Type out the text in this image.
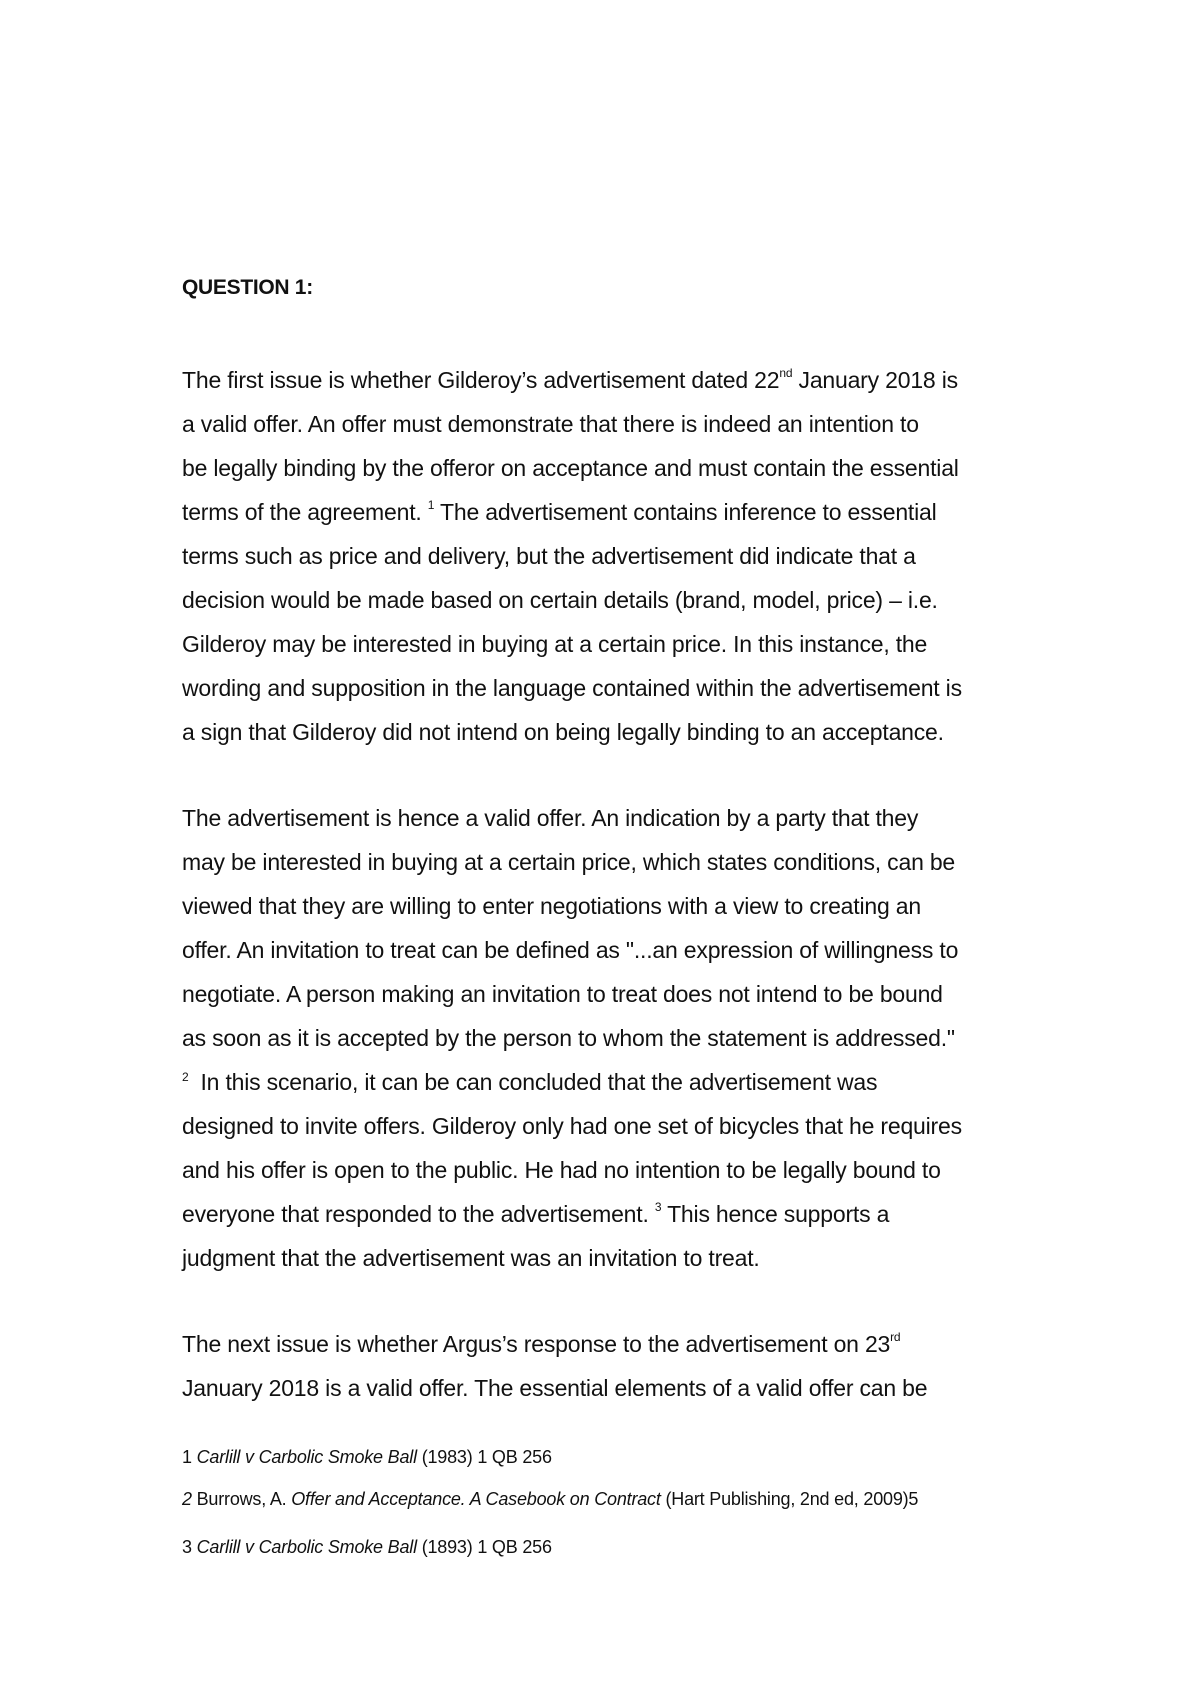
QUESTION 1:
The first issue is whether Gilderoy’s advertisement dated 22nd January 2018 is
a valid offer. An offer must demonstrate that there is indeed an intention to
be legally binding by the offeror on acceptance and must contain the essential
terms of the agreement. $^1$ The advertisement contains inference to essential
terms such as price and delivery, but the advertisement did indicate that a
decision would be made based on certain details (brand, model, price) – i.e.
Gilderoy may be interested in buying at a certain price. In this instance, the
wording and supposition in the language contained within the advertisement is
a sign that Gilderoy did not intend on being legally binding to an acceptance.
The advertisement is hence a valid offer. An indication by a party that they
may be interested in buying at a certain price, which states conditions, can be
viewed that they are willing to enter negotiations with a view to creating an
offer. An invitation to treat can be defined as "...an expression of willingness to
negotiate. A person making an invitation to treat does not intend to be bound
as soon as it is accepted by the person to whom the statement is addressed."
2 In this scenario, it can be can concluded that the advertisement was
designed to invite offers. Gilderoy only had one set of bicycles that he requires
and his offer is open to the public. He had no intention to be legally bound to
everyone that responded to the advertisement. $^3$ This hence supports a
judgment that the advertisement was an invitation to treat.
The next issue is whether Argus’s response to the advertisement on 23rd
January 2018 is a valid offer. The essential elements of a valid offer can be

1 Carlill v Carbolic Smoke Ball (1983) 1 QB 256

2 Burrows, A. Offer and Acceptance. A Casebook on Contract (Hart Publishing, 2nd ed, 2009)5

3 Carlill v Carbolic Smoke Ball (1893) 1 QB 256
